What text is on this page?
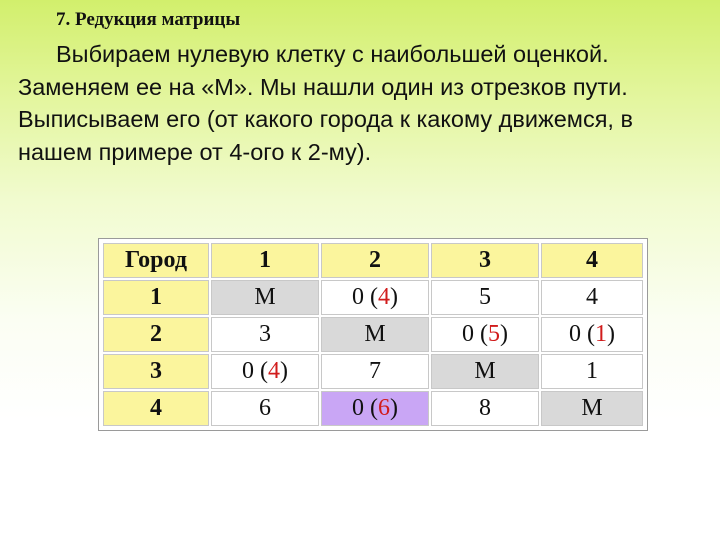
7. Редукция матрицы

Выбираем нулевую клетку с наибольшей оценкой. Заменяем ее на «М». Мы нашли один из отрезков пути. Выписываем его (от какого города к какому движемся, в нашем примере от 4-ого к 2-му).

Город	1	2	3	4
1	М	0 (4)	5	4
2	3	М	0 (5)	0 (1)
3	0 (4)	7	М	1
4	6	0 (6)	8	М
